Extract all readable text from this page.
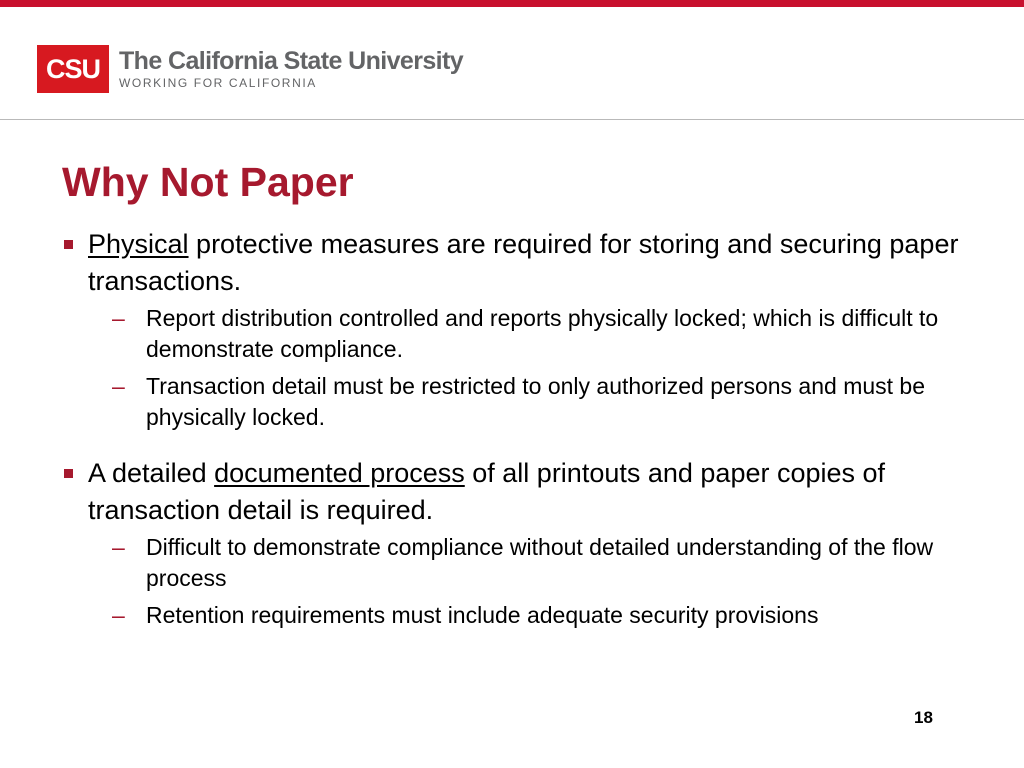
CSU The California State University
WORKING FOR CALIFORNIA
Why Not Paper
Physical protective measures are required for storing and securing paper transactions.
– Report distribution controlled and reports physically locked; which is difficult to demonstrate compliance.
– Transaction detail must be restricted to only authorized persons and must be physically locked.
A detailed documented process of all printouts and paper copies of transaction detail is required.
– Difficult to demonstrate compliance without detailed understanding of the flow process
– Retention requirements must include adequate security provisions
18
